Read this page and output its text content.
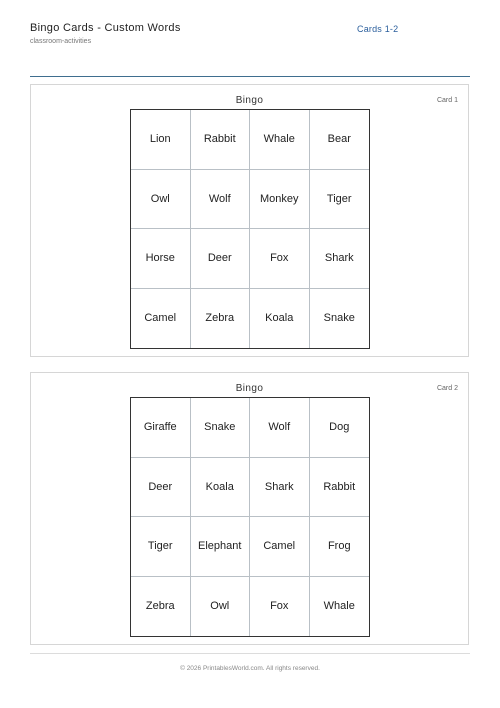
Bingo Cards - Custom Words
classroom-activities
Cards 1-2
Bingo	Card 1
Lion	Rabbit	Whale	Bear
Owl	Wolf	Monkey	Tiger
Horse	Deer	Fox	Shark
Camel	Zebra	Koala	Snake
Bingo	Card 2
Giraffe	Snake	Wolf	Dog
Deer	Koala	Shark	Rabbit
Tiger	Elephant	Camel	Frog
Zebra	Owl	Fox	Whale
© 2026 PrintablesWorld.com. All rights reserved.
